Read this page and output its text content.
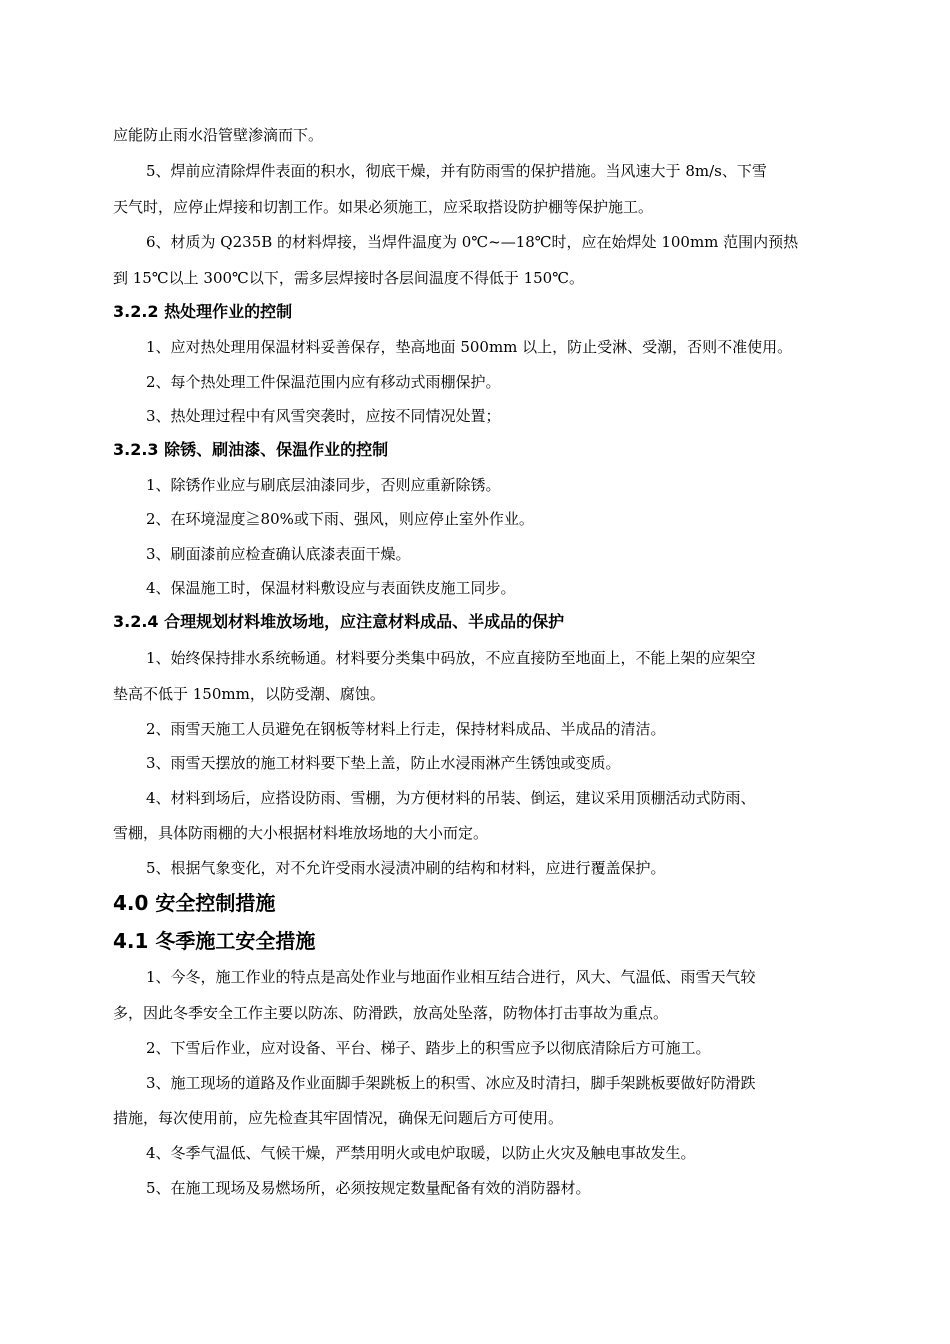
应能防止雨水沿管壁渗滴而下。
5、焊前应清除焊件表面的积水，彻底干燥，并有防雨雪的保护措施。当风速大于 8m/s、下雪
天气时，应停止焊接和切割工作。如果必须施工，应采取搭设防护棚等保护施工。
6、材质为 Q235B 的材料焊接，当焊件温度为 0℃~—18℃时，应在始焊处 100mm 范围内预热
到 15℃以上 300℃以下，需多层焊接时各层间温度不得低于 150℃。
3.2.2 热处理作业的控制
1、应对热处理用保温材料妥善保存，垫高地面 500mm 以上，防止受淋、受潮，否则不准使用。
2、每个热处理工件保温范围内应有移动式雨棚保护。
3、热处理过程中有风雪突袭时，应按不同情况处置；
3.2.3 除锈、刷油漆、保温作业的控制
1、除锈作业应与刷底层油漆同步，否则应重新除锈。
2、在环境湿度≧80%或下雨、强风，则应停止室外作业。
3、刷面漆前应检查确认底漆表面干燥。
4、保温施工时，保温材料敷设应与表面铁皮施工同步。
3.2.4 合理规划材料堆放场地，应注意材料成品、半成品的保护
1、始终保持排水系统畅通。材料要分类集中码放，不应直接防至地面上，不能上架的应架空
垫高不低于 150mm，以防受潮、腐蚀。
2、雨雪天施工人员避免在钢板等材料上行走，保持材料成品、半成品的清洁。
3、雨雪天摆放的施工材料要下垫上盖，防止水浸雨淋产生锈蚀或变质。
4、材料到场后，应搭设防雨、雪棚，为方便材料的吊装、倒运，建议采用顶棚活动式防雨、
雪棚，具体防雨棚的大小根据材料堆放场地的大小而定。
5、根据气象变化，对不允许受雨水浸渍冲刷的结构和材料，应进行覆盖保护。
4.0 安全控制措施
4.1 冬季施工安全措施
1、今冬，施工作业的特点是高处作业与地面作业相互结合进行，风大、气温低、雨雪天气较
多，因此冬季安全工作主要以防冻、防滑跌，放高处坠落，防物体打击事故为重点。
2、下雪后作业，应对设备、平台、梯子、踏步上的积雪应予以彻底清除后方可施工。
3、施工现场的道路及作业面脚手架跳板上的积雪、冰应及时清扫，脚手架跳板要做好防滑跌
措施，每次使用前，应先检查其牢固情况，确保无问题后方可使用。
4、冬季气温低、气候干燥，严禁用明火或电炉取暖，以防止火灾及触电事故发生。
5、在施工现场及易燃场所，必须按规定数量配备有效的消防器材。
